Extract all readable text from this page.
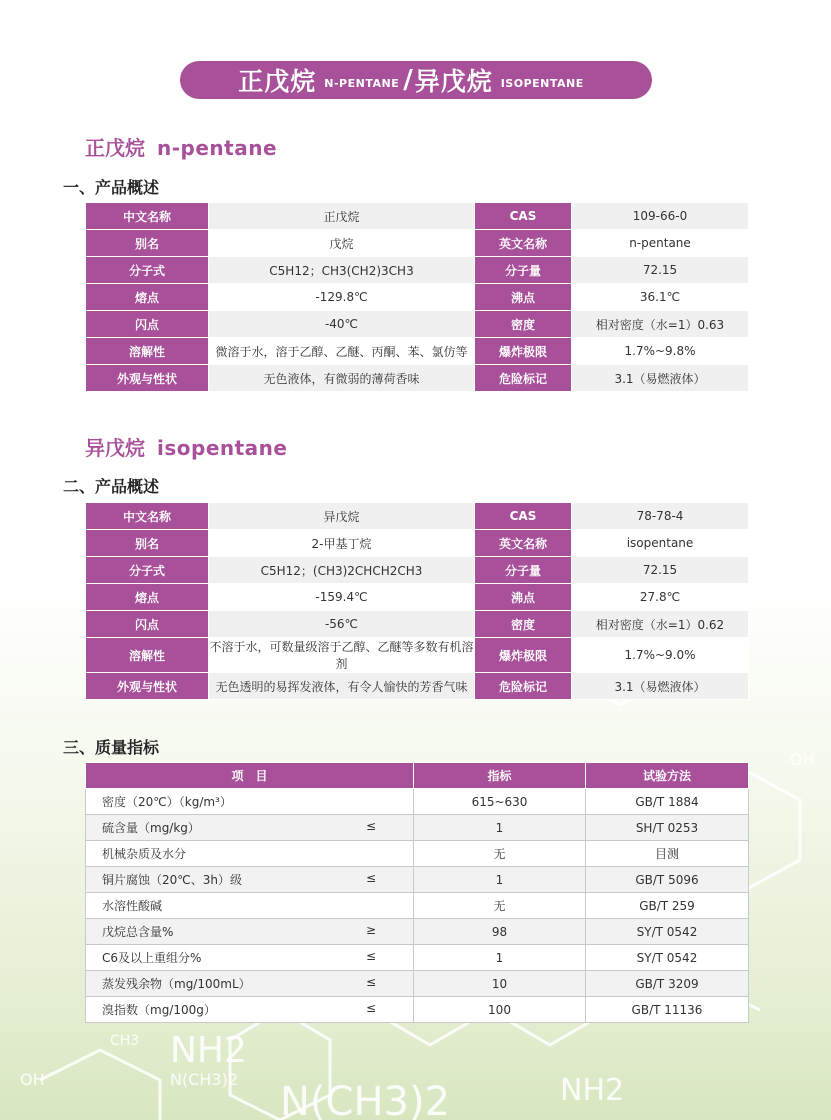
NH2
NH2
N(CH3)2
N(CH3)2
OH
OH
CH3
正戊烷 N-PENTANE / 异戊烷 ISOPENTANE
正戊烷 n-pentane
一、产品概述
中文名称	正戊烷	CAS	109-66-0
别名	戊烷	英文名称	n-pentane
分子式	C5H12；CH3(CH2)3CH3	分子量	72.15
熔点	-129.8℃	沸点	36.1℃
闪点	-40℃	密度	相对密度（水=1）0.63
溶解性	微溶于水，溶于乙醇、乙醚、丙酮、苯、氯仿等	爆炸极限	1.7%~9.8%
外观与性状	无色液体，有微弱的薄荷香味	危险标记	3.1（易燃液体）
异戊烷 isopentane
二、产品概述
中文名称	异戊烷	CAS	78-78-4
别名	2-甲基丁烷	英文名称	isopentane
分子式	C5H12；(CH3)2CHCH2CH3	分子量	72.15
熔点	-159.4℃	沸点	27.8℃
闪点	-56℃	密度	相对密度（水=1）0.62
溶解性	不溶于水，可数量级溶于乙醇、乙醚等多数有机溶剂	爆炸极限	1.7%~9.0%
外观与性状	无色透明的易挥发液体，有令人愉快的芳香气味	危险标记	3.1（易燃液体）
三、质量指标
项　目	指标	试验方法
密度（20℃）（kg/m³）	615~630	GB/T 1884
硫含量（mg/kg） ≤	1	SH/T 0253
机械杂质及水分	无	目测
铜片腐蚀（20℃、3h）级 ≤	1	GB/T 5096
水溶性酸碱	无	GB/T 259
戊烷总含量% ≥	98	SY/T 0542
C6及以上重组分% ≤	1	SY/T 0542
蒸发残余物（mg/100mL） ≤	10	GB/T 3209
溴指数（mg/100g） ≤	100	GB/T 11136
